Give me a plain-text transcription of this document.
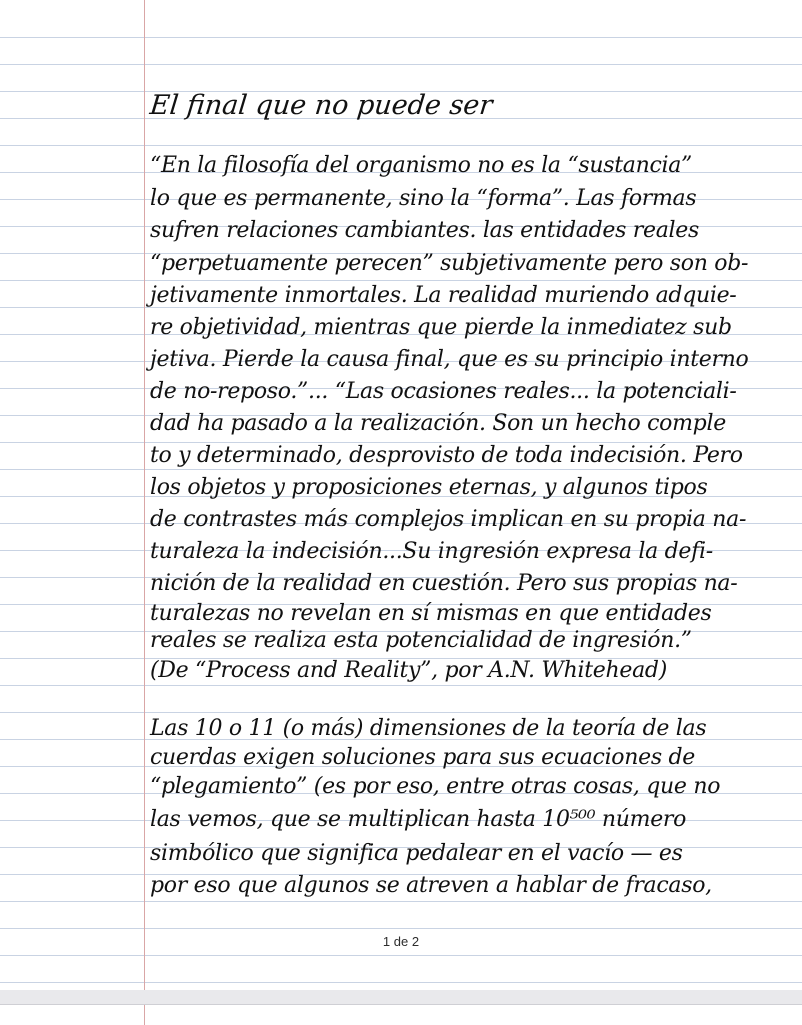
El final que no puede ser
“En la filosofía del organismo no es la “sustancia”
lo que es permanente, sino la “forma”. Las formas
sufren relaciones cambiantes. las entidades reales
“perpetuamente perecen” subjetivamente pero son ob-
jetivamente inmortales. La realidad muriendo adquie-
re objetividad, mientras que pierde la inmediatez sub
jetiva. Pierde la causa final, que es su principio interno
de no-reposo.”... “Las ocasiones reales... la potenciali-
dad ha pasado a la realización. Son un hecho comple
to y determinado, desprovisto de toda indecisión. Pero
los objetos y proposiciones eternas, y algunos tipos
de contrastes más complejos implican en su propia na-
turaleza la indecisión...Su ingresión expresa la defi-
nición de la realidad en cuestión. Pero sus propias na-
turalezas no revelan en sí mismas en que entidades
reales se realiza esta potencialidad de ingresión.”
(De “Process and Reality”, por A.N. Whitehead)
Las 10 o 11 (o más) dimensiones de la teoría de las
cuerdas exigen soluciones para sus ecuaciones de
“plegamiento” (es por eso, entre otras cosas, que no
las vemos, que se multiplican hasta 10⁵⁰⁰ número
simbólico que significa pedalear en el vacío — es
por eso que algunos se atreven a hablar de fracaso,
1 de 2
